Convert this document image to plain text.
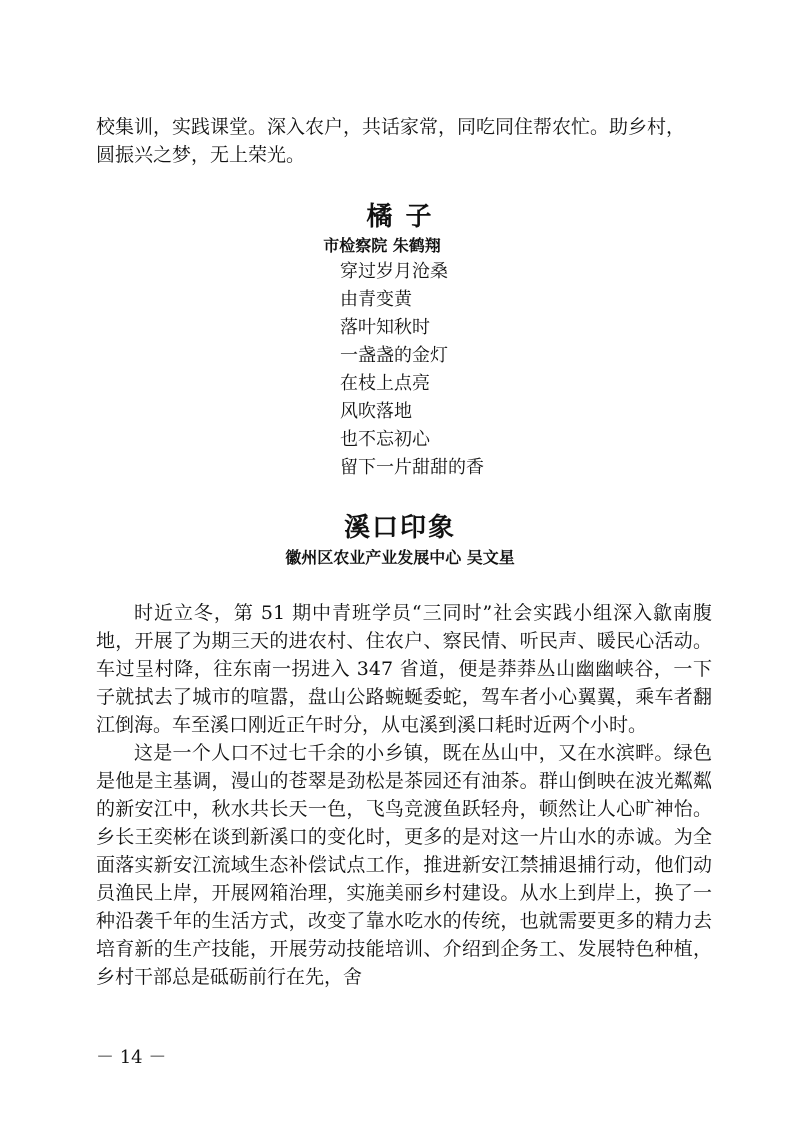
校集训，实践课堂。深入农户，共话家常，同吃同住帮农忙。助乡村，

圆振兴之梦，无上荣光。

橘 子
市检察院 朱鹤翔
穿过岁月沧桑
由青变黄
落叶知秋时
一盏盏的金灯
在枝上点亮
风吹落地
也不忘初心
留下一片甜甜的香
溪口印象
徽州区农业产业发展中心 吴文星

时近立冬，第 51 期中青班学员“三同时”社会实践小组深入歙南腹地，开展了为期三天的进农村、住农户、察民情、听民声、暖民心活动。车过呈村降，往东南一拐进入 347 省道，便是莽莽丛山幽幽峡谷，一下子就拭去了城市的喧嚣，盘山公路蜿蜒委蛇，驾车者小心翼翼，乘车者翻江倒海。车至溪口刚近正午时分，从屯溪到溪口耗时近两个小时。

这是一个人口不过七千余的小乡镇，既在丛山中，又在水滨畔。绿色是他是主基调，漫山的苍翠是劲松是茶园还有油茶。群山倒映在波光粼粼的新安江中，秋水共长天一色，飞鸟竞渡鱼跃轻舟，顿然让人心旷神怡。乡长王奕彬在谈到新溪口的变化时，更多的是对这一片山水的赤诚。为全面落实新安江流域生态补偿试点工作，推进新安江禁捕退捕行动，他们动员渔民上岸，开展网箱治理，实施美丽乡村建设。从水上到岸上，换了一种沿袭千年的生活方式，改变了靠水吃水的传统，也就需要更多的精力去培育新的生产技能，开展劳动技能培训、介绍到企务工、发展特色种植，乡村干部总是砥砺前行在先，舍

－ 14 －
